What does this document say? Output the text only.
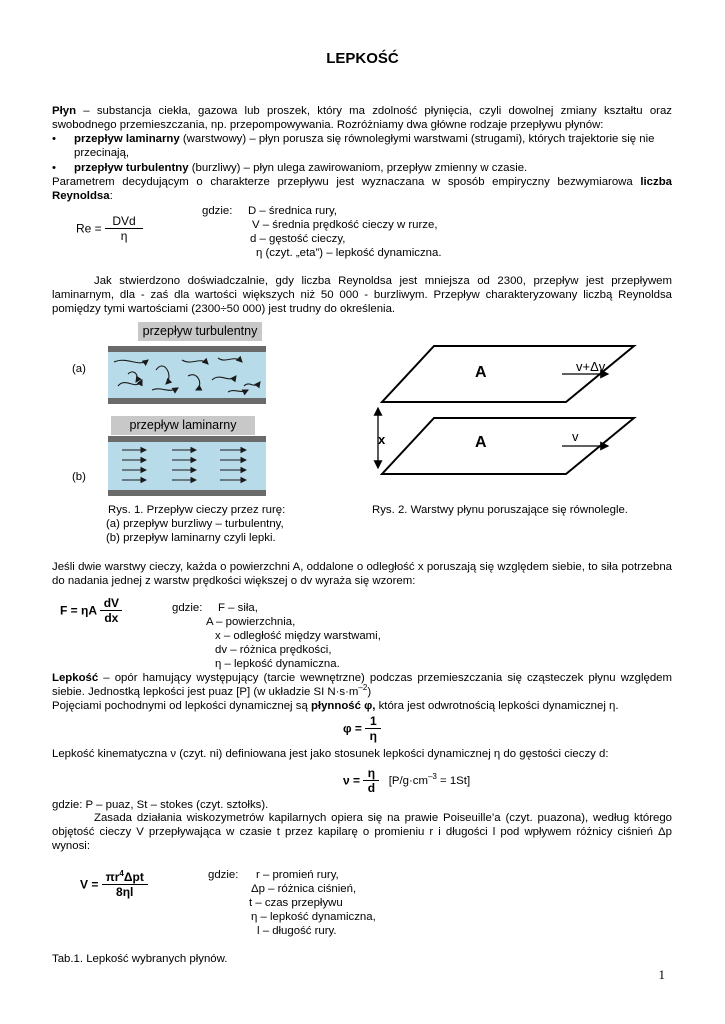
LEPKOŚĆ
Płyn – substancja ciekła, gazowa lub proszek, który ma zdolność płynięcia, czyli dowolnej zmiany kształtu oraz swobodnego przemieszczania, np. przepompowywania. Rozróżniamy dwa główne rodzaje przepływu płynów:
• przepływ laminarny (warstwowy) – płyn porusza się równoległymi warstwami (strugami), których trajektorie się nie przecinają,
• przepływ turbulentny (burzliwy) – płyn ulega zawirowaniom, przepływ zmienny w czasie.
Parametrem decydującym o charakterze przepływu jest wyznaczana w sposób empiryczny bezwymiarowa liczba Reynoldsa:
$Re = \frac{\text{DVd}}{\eta}$
gdzie: D – średnica rury,
V – średnia prędkość cieczy w rurze,
d – gęstość cieczy,
η (czyt. „eta”) – lepkość dynamiczna.
Jak stwierdzono doświadczalnie, gdy liczba Reynoldsa jest mniejsza od 2300, przepływ jest przepływem laminarnym, dla - zaś dla wartości większych niż 50 000 - burzliwym. Przepływ charakteryzowany liczbą Reynoldsa pomiędzy tymi wartościami (2300÷50 000) jest trudny do określenia.
przepływ turbulentny
(a)
przepływ laminarny
(b)
Rys. 1. Przepływ cieczy przez rurę:
(a) przepływ burzliwy – turbulentny,
(b) przepływ laminarny czyli lepki.
A
A
v+Δv
v
x
Rys. 2. Warstwy płynu poruszające się równolegle.
Jeśli dwie warstwy cieczy, każda o powierzchni A, oddalone o odległość x poruszają się względem siebie, to siła potrzebna do nadania jednej z warstw prędkości większej o dv wyraża się wzorem:
F = ηA $\frac{dV}{dx}$	gdzie: F – siła,
A – powierzchnia,
x – odległość między warstwami,
dv – różnica prędkości,
η – lepkość dynamiczna.
Lepkość – opór hamujący występujący (tarcie wewnętrzne) podczas przemieszczania się cząsteczek płynu względem siebie. Jednostką lepkości jest puaz [P] (w układzie SI $N\cdot s\cdot m^{-2}$)
Pojęciami pochodnymi od lepkości dynamicznej są płynność φ, która jest odwrotnością lepkości dynamicznej η.
$\varphi = \frac{1}{\eta}$
Lepkość kinematyczna ν (czyt. ni) definiowana jest jako stosunek lepkości dynamicznej η do gęstości cieczy d:
$\nu = \frac{\eta}{d} [P/g\cdot cm^{-3} = 1St]$
gdzie: P – puaz, St – stokes (czyt. sztołks).
Zasada działania wiskozymetrów kapilarnych opiera się na prawie Poiseuille’a (czyt. puazona), według którego objętość cieczy V przepływająca w czasie t przez kapilarę o promieniu r i długości l pod wpływem różnicy ciśnień Δp wynosi:
$V = \frac{\pi r^4\Delta pt}{8\eta l}$	gdzie: r – promień rury,
Δp – różnica ciśnień,
t – czas przepływu
η – lepkość dynamiczna,
l – długość rury.
Tab.1. Lepkość wybranych płynów.
1
